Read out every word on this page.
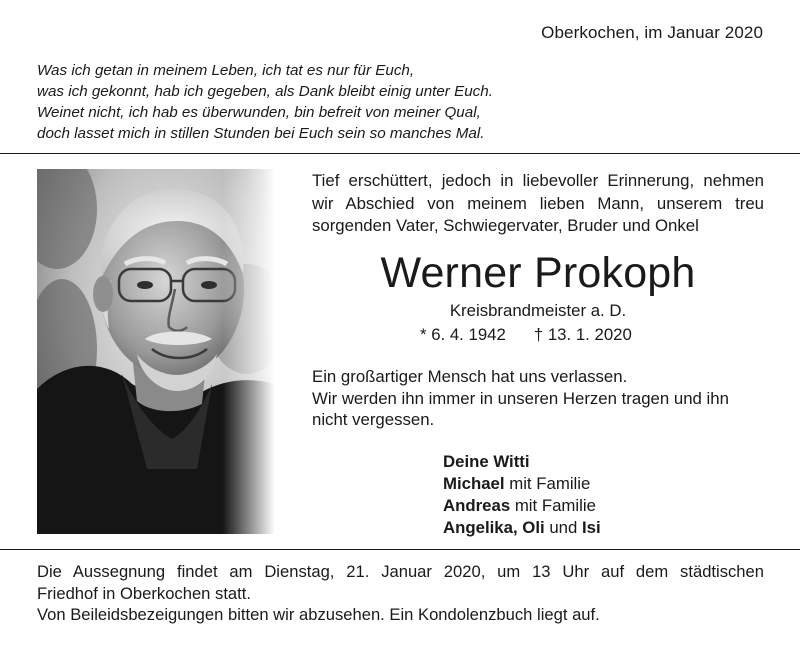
Oberkochen, im Januar 2020
Was ich getan in meinem Leben, ich tat es nur für Euch,
was ich gekonnt, hab ich gegeben, als Dank bleibt einig unter Euch.
Weinet nicht, ich hab es überwunden, bin befreit von meiner Qual,
doch lasset mich in stillen Stunden bei Euch sein so manches Mal.
Tief erschüttert, jedoch in liebevoller Erinnerung, nehmen
wir Abschied von meinem lieben Mann, unserem treu
sorgenden Vater, Schwiegervater, Bruder und Onkel
Werner Prokoph
Kreisbrandmeister a. D.
* 6. 4. 1942 † 13. 1. 2020
Ein großartiger Mensch hat uns verlassen.
Wir werden ihn immer in unseren Herzen tragen und ihn
nicht vergessen.
Deine Witti
Michael mit Familie
Andreas mit Familie
Angelika, Oli und Isi
Die Aussegnung findet am Dienstag, 21. Januar 2020, um 13 Uhr auf dem städtischen
Friedhof in Oberkochen statt.
Von Beileidsbezeigungen bitten wir abzusehen. Ein Kondolenzbuch liegt auf.
